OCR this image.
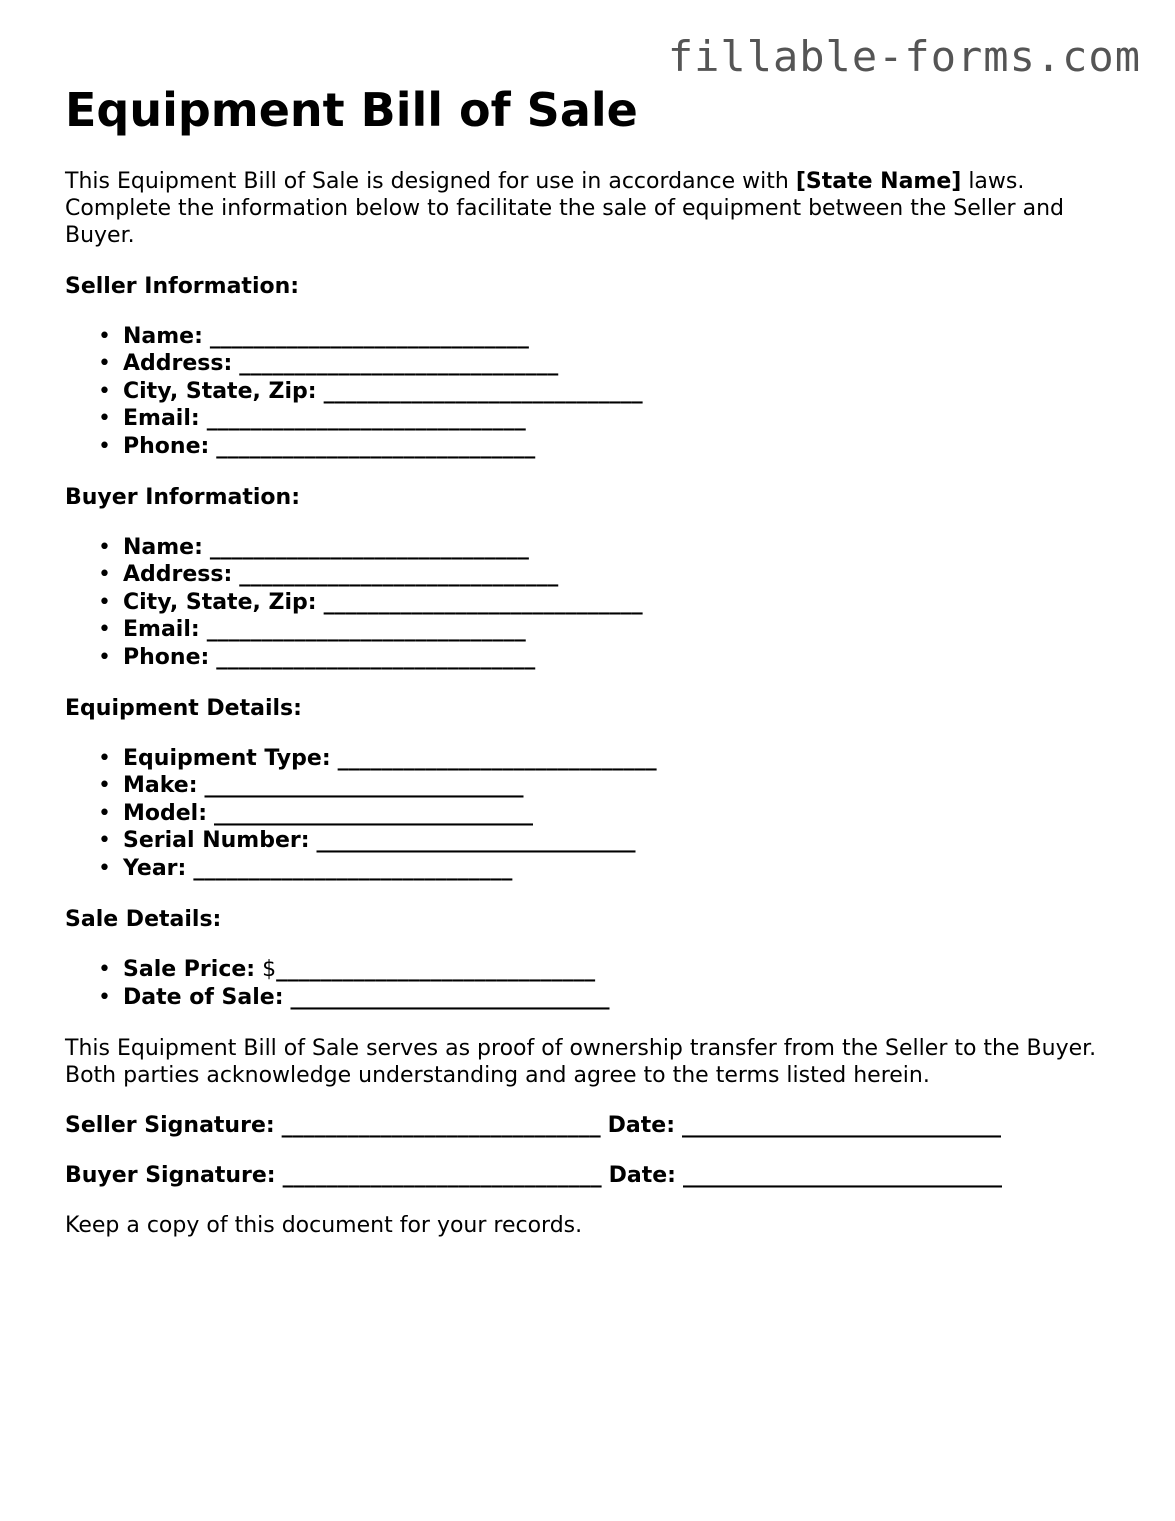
fillable-forms.com
Equipment Bill of Sale

This Equipment Bill of Sale is designed for use in accordance with [State Name] laws. Complete the information below to facilitate the sale of equipment between the Seller and Buyer.

Seller Information:
• Name: _____________________________
• Address: _____________________________
• City, State, Zip: _____________________________
• Email: _____________________________
• Phone: _____________________________
Buyer Information:
• Name: _____________________________
• Address: _____________________________
• City, State, Zip: _____________________________
• Email: _____________________________
• Phone: _____________________________
Equipment Details:
• Equipment Type: _____________________________
• Make: _____________________________
• Model: _____________________________
• Serial Number: _____________________________
• Year: _____________________________
Sale Details:
• Sale Price: $_____________________________
• Date of Sale: _____________________________

This Equipment Bill of Sale serves as proof of ownership transfer from the Seller to the Buyer. Both parties acknowledge understanding and agree to the terms listed herein.

Seller Signature: _____________________________ Date: _____________________________
Buyer Signature: _____________________________ Date: _____________________________

Keep a copy of this document for your records.
